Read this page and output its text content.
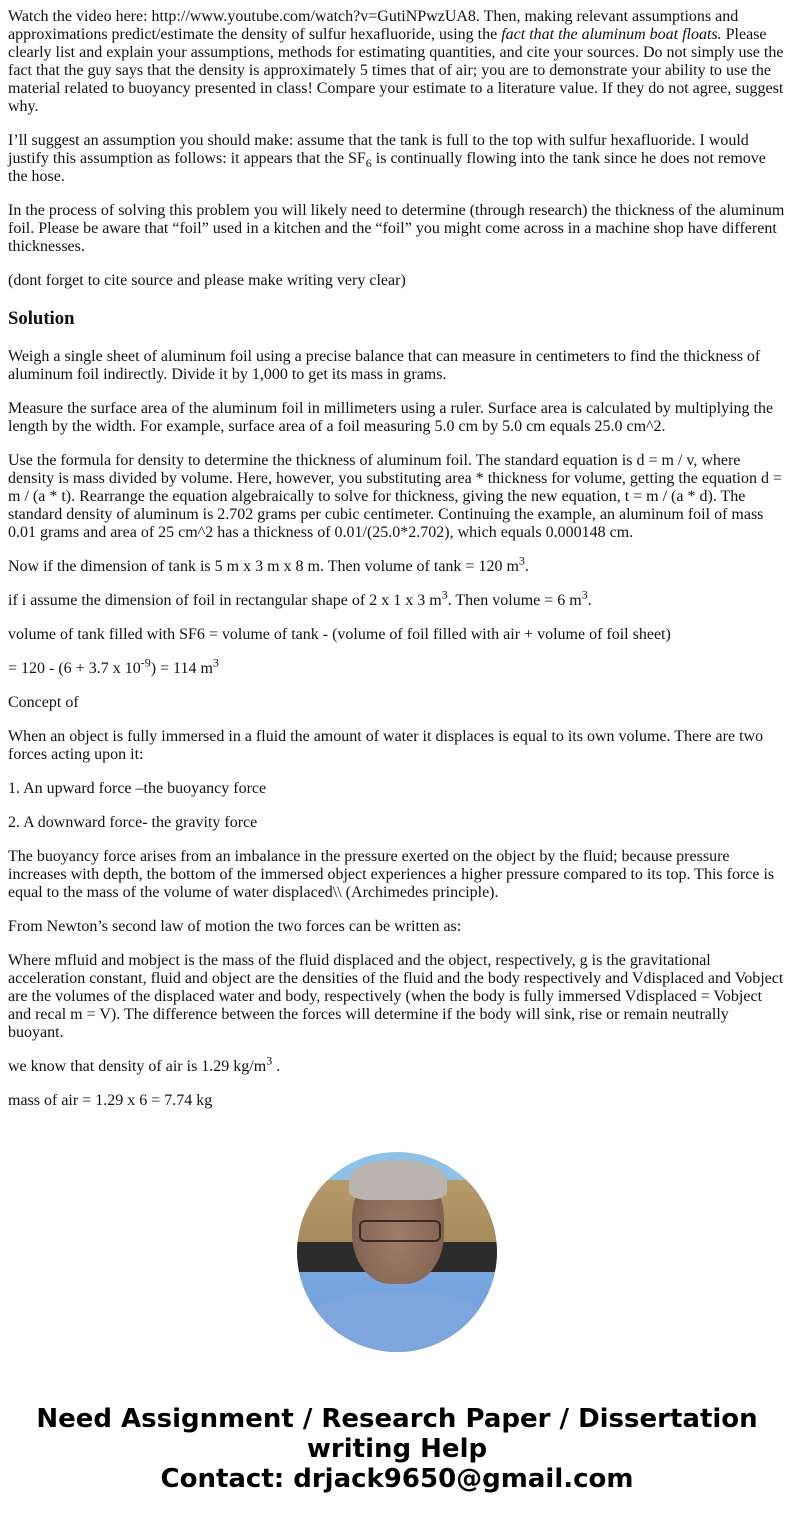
Watch the video here: http://www.youtube.com/watch?v=GutiNPwzUA8. Then, making relevant assumptions and approximations predict/estimate the density of sulfur hexafluoride, using the fact that the aluminum boat floats. Please clearly list and explain your assumptions, methods for estimating quantities, and cite your sources. Do not simply use the fact that the guy says that the density is approximately 5 times that of air; you are to demonstrate your ability to use the material related to buoyancy presented in class! Compare your estimate to a literature value. If they do not agree, suggest why.

I’ll suggest an assumption you should make: assume that the tank is full to the top with sulfur hexafluoride. I would justify this assumption as follows: it appears that the $SF_6$ is continually flowing into the tank since he does not remove the hose.

In the process of solving this problem you will likely need to determine (through research) the thickness of the aluminum foil. Please be aware that “foil” used in a kitchen and the “foil” you might come across in a machine shop have different thicknesses.

(dont forget to cite source and please make writing very clear)

Solution

Weigh a single sheet of aluminum foil using a precise balance that can measure in centimeters to find the thickness of aluminum foil indirectly. Divide it by 1,000 to get its mass in grams.

Measure the surface area of the aluminum foil in millimeters using a ruler. Surface area is calculated by multiplying the length by the width. For example, surface area of a foil measuring 5.0 cm by 5.0 cm equals 25.0 cm^2.

Use the formula for density to determine the thickness of aluminum foil. The standard equation is d = m / v, where density is mass divided by volume. Here, however, you substituting area * thickness for volume, getting the equation d = m / (a * t). Rearrange the equation algebraically to solve for thickness, giving the new equation, t = m / (a * d). The standard density of aluminum is 2.702 grams per cubic centimeter. Continuing the example, an aluminum foil of mass 0.01 grams and area of 25 cm^2 has a thickness of 0.01/(25.0*2.702), which equals 0.000148 cm.

Now if the dimension of tank is 5 m x 3 m x 8 m. Then volume of tank = 120 $m^3$.

if i assume the dimension of foil in rectangular shape of 2 x 1 x 3 $m^3$. Then volume = 6 $m^3$.

volume of tank filled with SF6 = volume of tank - (volume of foil filled with air + volume of foil sheet)

= 120 - (6 + 3.7 x $10^{-9}) = 114$ $m^3$

Concept of

When an object is fully immersed in a fluid the amount of water it displaces is equal to its own volume. There are two forces acting upon it:

1. An upward force –the buoyancy force

2. A downward force- the gravity force

The buoyancy force arises from an imbalance in the pressure exerted on the object by the fluid; because pressure increases with depth, the bottom of the immersed object experiences a higher pressure compared to its top. This force is equal to the mass of the volume of water displaced\\ (Archimedes principle).

From Newton’s second law of motion the two forces can be written as:

Where mfluid and mobject is the mass of the fluid displaced and the object, respectively, g is the gravitational acceleration constant, fluid and object are the densities of the fluid and the body respectively and Vdisplaced and Vobject are the volumes of the displaced water and body, respectively (when the body is fully immersed Vdisplaced = Vobject and recal m = V). The difference between the forces will determine if the body will sink, rise or remain neutrally buoyant.

we know that density of air is 1.29 $kg/m^3$ .

mass of air = 1.29 x 6 = 7.74 kg

Need Assignment / Research Paper / Dissertation
writing Help
Contact: drjack9650@gmail.com
